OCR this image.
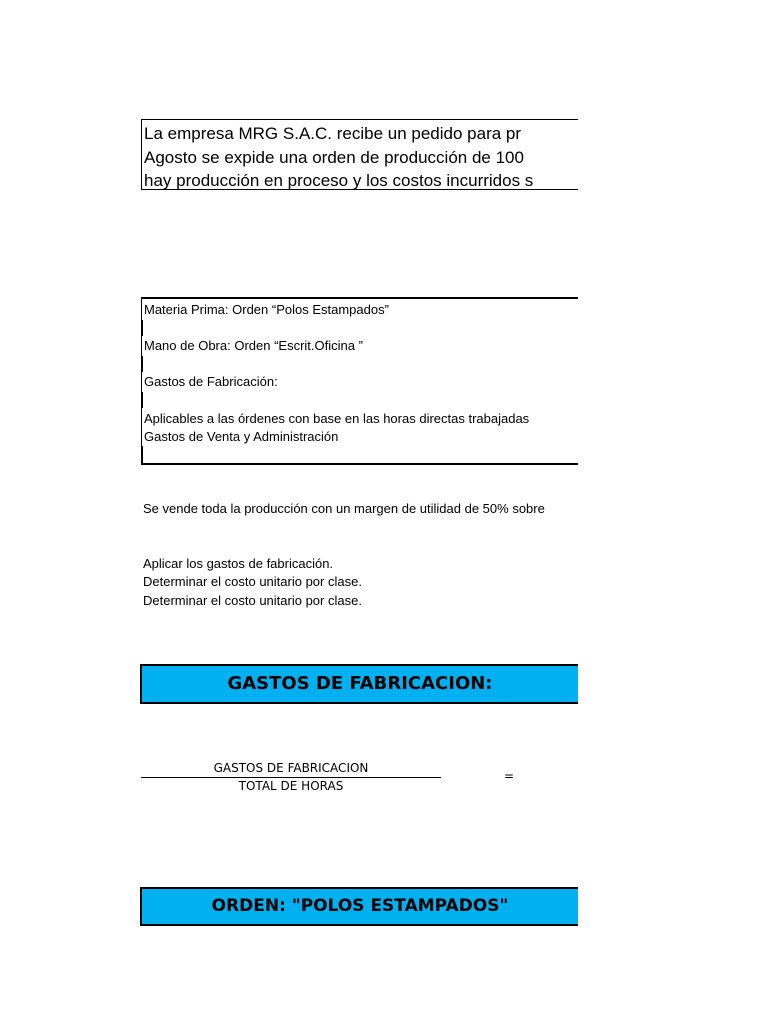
La empresa MRG S.A.C. recibe un pedido para pr
Agosto se expide una orden de producción de 100
hay producción en proceso y los costos incurridos s
Materia Prima: Orden “Polos Estampados”
Mano de Obra: Orden “Escrit.Oficina ”
Gastos de Fabricación:
Aplicables a las órdenes con base en las horas directas trabajadas
Gastos de Venta y Administración
Se vende toda la producción con un margen de utilidad de 50% sobre
Aplicar los gastos de fabricación.
Determinar el costo unitario por clase.
Determinar el costo unitario por clase.
GASTOS DE FABRICACION:
GASTOS DE FABRICACION
TOTAL DE HORAS
=
ORDEN: "POLOS ESTAMPADOS"
